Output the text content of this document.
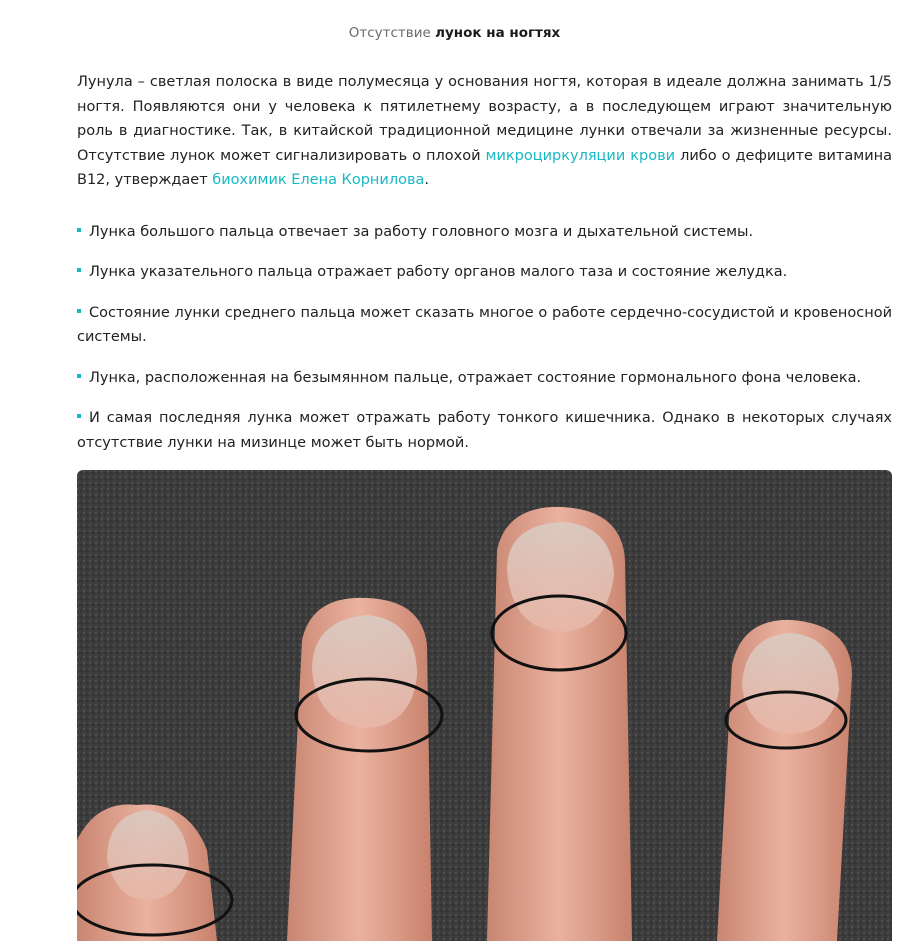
Отсутствие лунок на ногтях

Лунула – светлая полоска в виде полумесяца у основания ногтя, которая в идеале должна занимать 1/5 ногтя. Появляются они у человека к пятилетнему возрасту, а в последующем играют значительную роль в диагностике. Так, в китайской традиционной медицине лунки отвечали за жизненные ресурсы. Отсутствие лунок может сигнализировать о плохой микроциркуляции крови либо о дефиците витамина B12, утверждает биохимик Елена Корнилова.

Лунка большого пальца отвечает за работу головного мозга и дыхательной системы.

Лунка указательного пальца отражает работу органов малого таза и состояние желудка.

Состояние лунки среднего пальца может сказать многое о работе сердечно-сосудистой и кровеносной системы.

Лунка, расположенная на безымянном пальце, отражает состояние гормонального фона человека.

И самая последняя лунка может отражать работу тонкого кишечника. Однако в некоторых случаях отсутствие лунки на мизинце может быть нормой.
